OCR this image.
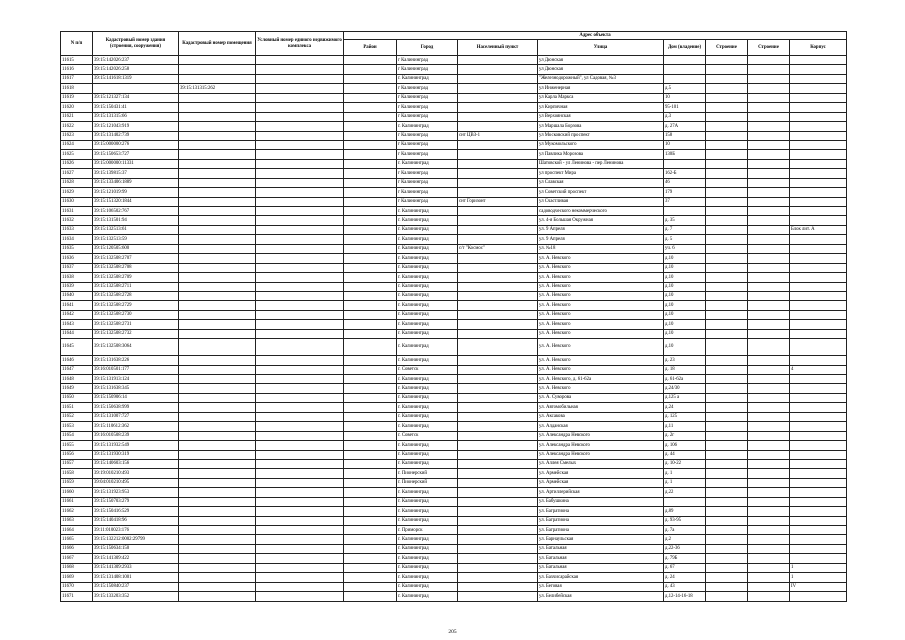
N п/п	Кадастровый номер здания (строения, сооружения)	Кадастровый номер помещения	Условный номер единого недвижимого комплекса	Адрес объекта							
				Район	Город	Населенный пункт	Улица	Дом (владение)	Строение	Строение	Корпус
11615	39:15:142026:237				г Калининград		ул Дюнская				
11616	39:15:142026:258				г Калининград		ул Дюнская				
11617	39:15:141618:1319				г. Калининград		"Железнодорожный", ул Садовая, №3				
11618		39:15:131315:262			г Калининград		ул Инженерная	д.5			
11619	39:15:121327:134				г Калининград		ул Карла Маркса	10			
11620	39:15:150431:41				г Калининград		ул Кирпичная	95-101			
11621	39:15:131315:66				г Калининград		ул Верхоянская	д.3			
11622	39:15:121043:919				г. Калининград		ул Маршала Борзова	д. 27А			
11623	39:15:131402:739				г Калининград	снт ЦВЗ-1	ул Московский проспект	158			
11624	39:15:000000:276				г Калининград		ул Мукомольского	10			
11625	39:15:150653:727				г Калининград		ул Павлика Морозова	130Б			
11626	39:15:000000:11331				г. Калининград		Шатовской - ул Ленинова - пер Ленинова				
11627	39:15:139815:37				г Калининград		ул проспект Мира	162-Б			
11628	39:15:133406:1889				г Калининград		ул Славская	46			
11629	39:15:121019:99				г Калининград		ул Советский проспект	179			
11630	39:15:151320:1844				г Калининград	снт Горизонт	ул Счастливая	37			
11631	39:15:106502:767				г. Калининград		садоводческого некоммерческого				
11632	39:15:131501:94				г. Калининград		ул. 4-я Большая Окружная	д. 35			
11633	39:15:132513:61				г. Калининград		ул. 9 Апреля	д. 7			Блок лит. А
11634	39:15:132513:59				г. Калининград		ул. 9 Апреля	д. 5			
11635	39:15:120505:600				г. Калининград	с/т "Космос"	ул. №18	уч. 6			
11636	39:15:132508:2707				г. Калининград		ул. А. Невского	д.10			
11637	39:15:132508:2708				г. Калининград		ул. А. Невского	д.10			
11638	39:15:132508:2709				г. Калининград		ул. А. Невского	д.10			
11639	39:15:132508:2711				г. Калининград		ул. А. Невского	д.10			
11640	39:15:132508:2728				г. Калининград		ул. А. Невского	д.10			
11641	39:15:132508:2729				г. Калининград		ул. А. Невского	д.10			
11642	39:15:132508:2730				г. Калининград		ул. А. Невского	д.10			
11643	39:15:132508:2731				г. Калининград		ул. А. Невского	д.10			
11644	39:15:132508:2732				г. Калининград		ул. А. Невского	д.10			
11645	39:15:132508:3064				г. Калининград		ул. А. Невского	д.10			
11646	39:15:131638:226				г. Калининград		ул. А. Невского	д. 23			
11647	39:16:010501:177				г. Советск		ул. А. Невского	д. 18			4
11648	39:15:131913:124				г. Калининград		ул. А. Невского, д. 61-62а	д. 61-62а			
11649	39:15:131638:345				г. Калининград		ул. А. Невского	д.24/30			
11650	39:15:150906:14				г. Калининград		ул. А. Суворова	д.125 а			
11651	39:15:150638:999				г. Калининград		ул. Автомобильная	д.24			
11652	39:15:131007:727				г. Калининград		ул. Аксакова	д. 125			
11653	39:15:110612:362				г. Калининград		ул. Алданская	д.11			
11654	39:16:010508:239				г. Советск		ул. Александра Невского	д. 2г			
11655	39:15:131932:549				г. Калининград		ул. Александра Невского	д. 106			
11656	39:15:131930:319				г. Калининград		ул. Александра Невского	д. 44			
11657	39:15:140603:156				г. Калининград		ул. Аллея Смелых	д. 10-22			
11658	39:19:010210:493				г. Пионерский		ул. Армейская	д. 1			
11659	39:04:010210:495				г. Пионерский		ул. Армейская	д. 1			
11660	39:15:131923:953				г. Калининград		ул. Артиллерийская	д.22			
11661	39:15:150703:279				г. Калининград		ул. Бабушкина				
11662	39:15:150416:529				г. Калининград		ул. Багратиона	д.89			
11663	39:15:140418:96				г. Калининград		ул. Багратиона	д. 93-95			
11664	39:11:010023:176				г. Приморск		ул. Багратиона	д. 7а			
11665	39:15:132212:0002:29799				г. Калининград		ул. Барнаульская	д.2			
11666	39:15:150634:150				г. Калининград		ул. Батальная	д.22-36			
11667	39:15:141309:422				г. Калининград		ул. Батальная	д. 79Б			
11668	39:15:141309:2933				г. Калининград		ул. Батальная	д. 67			1
11669	39:15:131408:1001				г. Калининград		ул. Бахчисарайская	д. 24			1
11670	39:15:150840:237				г. Калининград		ул. Беговая	д. 43			IV
11671	39:15:133203:352				г. Калининград		ул. Белибейская	д.12-14-16-18			
205
